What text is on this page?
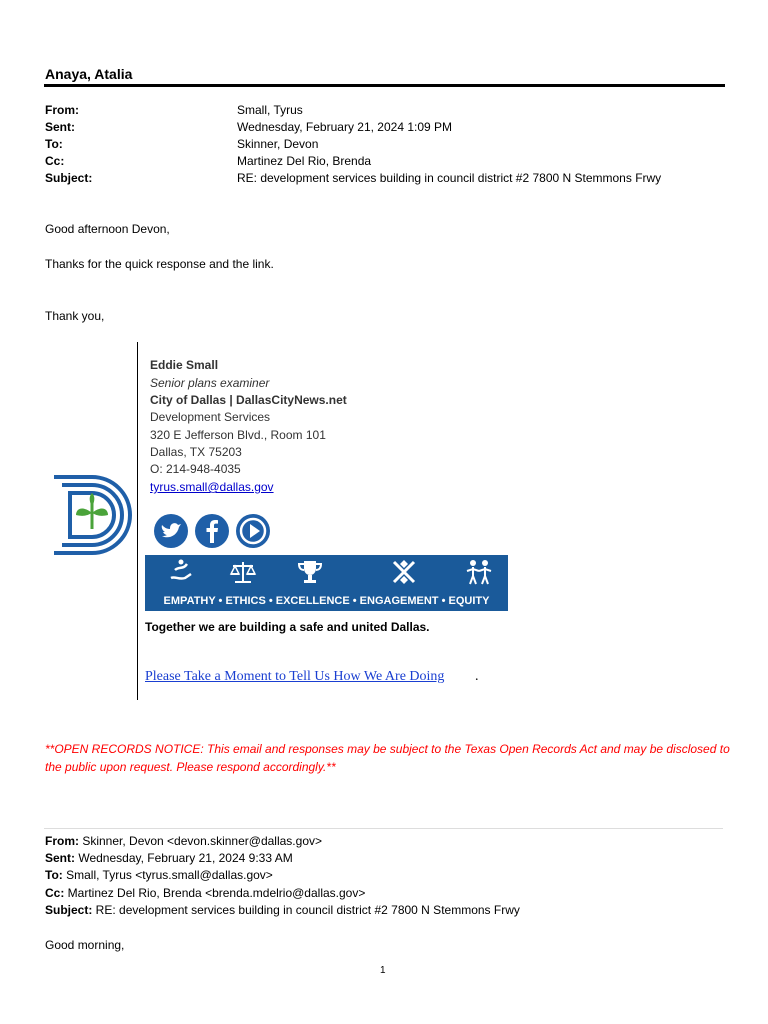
Anaya, Atalia
From:	Small, Tyrus
Sent:	Wednesday, February 21, 2024 1:09 PM
To:	Skinner, Devon
Cc:	Martinez Del Rio, Brenda
Subject:	RE: development services building in council district #2 7800 N Stemmons Frwy
Good afternoon Devon,
Thanks for the quick response and the link.
Thank you,
Eddie Small
Senior plans examiner
City of Dallas | DallasCityNews.net
Development Services
320 E Jefferson Blvd., Room 101
Dallas, TX 75203
O: 214-948-4035
tyrus.small@dallas.gov
EMPATHY • ETHICS • EXCELLENCE • ENGAGEMENT • EQUITY
Together we are building a safe and united Dallas.
Please Take a Moment to Tell Us How We Are Doing .
**OPEN RECORDS NOTICE: This email and responses may be subject to the Texas Open Records Act and may be disclosed to the public upon request. Please respond accordingly.**
From: Skinner, Devon <devon.skinner@dallas.gov>
Sent: Wednesday, February 21, 2024 9:33 AM
To: Small, Tyrus <tyrus.small@dallas.gov>
Cc: Martinez Del Rio, Brenda <brenda.mdelrio@dallas.gov>
Subject: RE: development services building in council district #2 7800 N Stemmons Frwy
Good morning,
1
